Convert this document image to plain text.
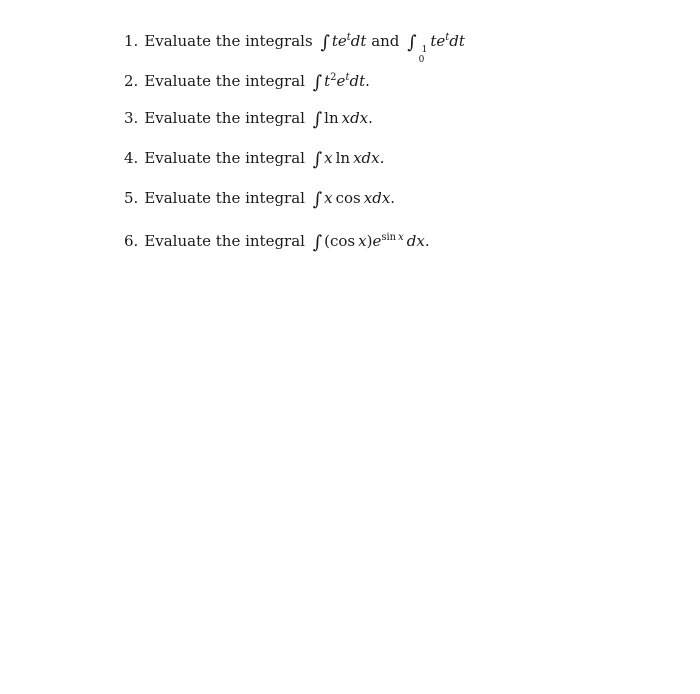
1. Evaluate the integrals ∫ $te^tdt$ and ∫ 1
0
$te^tdt$
2. Evaluate the integral ∫ $t^2e^tdt$.
3. Evaluate the integral ∫ ln  xdx.
4. Evaluate the integral ∫ x  ln  xdx.
5. Evaluate the integral ∫ x  cos  xdx.
6. Evaluate the integral ∫ (cos  $x)e^{sin x}$  dx.
